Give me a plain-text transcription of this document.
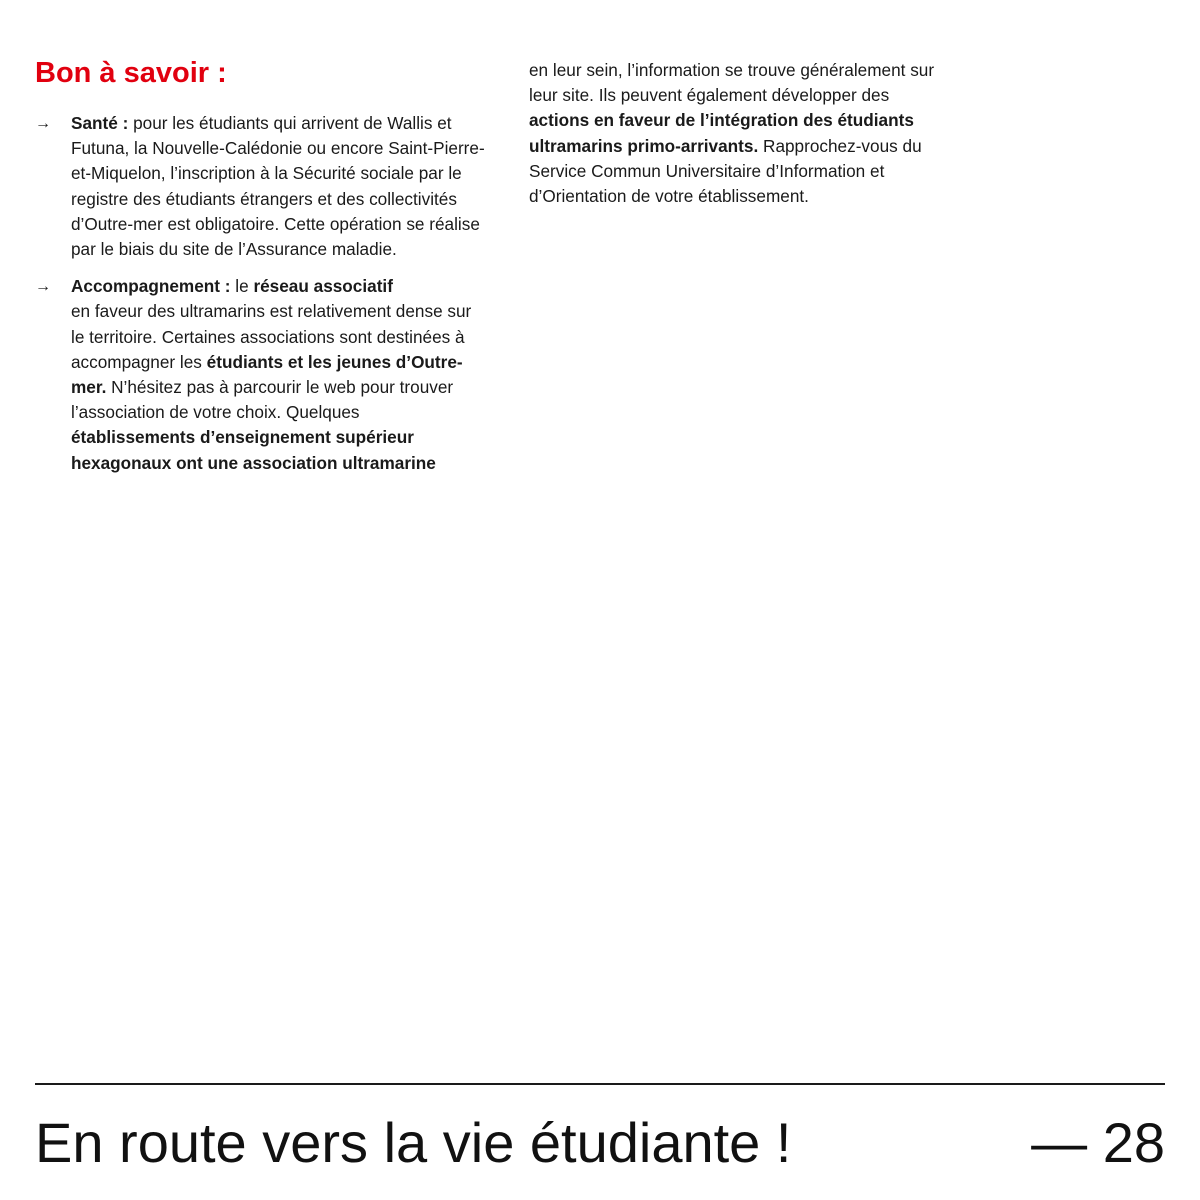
Bon à savoir :
→ Santé : pour les étudiants qui arrivent de Wallis et Futuna, la Nouvelle-Calédonie ou encore Saint-Pierre-et-Miquelon, l’inscription à la Sécurité sociale par le registre des étudiants étrangers et des collectivités d’Outre-mer est obligatoire. Cette opération se réalise par le biais du site de l’Assurance maladie.

→ Accompagnement : le réseau associatif
en faveur des ultramarins est relativement dense sur le territoire. Certaines associations sont destinées à accompagner les étudiants et les jeunes d’Outre-mer. N’hésitez pas à parcourir le web pour trouver l’association de votre choix. Quelques établissements d’enseignement supérieur hexagonaux ont une association ultramarine

en leur sein, l’information se trouve généralement sur leur site. Ils peuvent également développer des actions en faveur de l’intégration des étudiants ultramarins primo-arrivants. Rapprochez-vous du Service Commun Universitaire d’Information et d’Orientation de votre établissement.

En route vers la vie étudiante !	— 28
